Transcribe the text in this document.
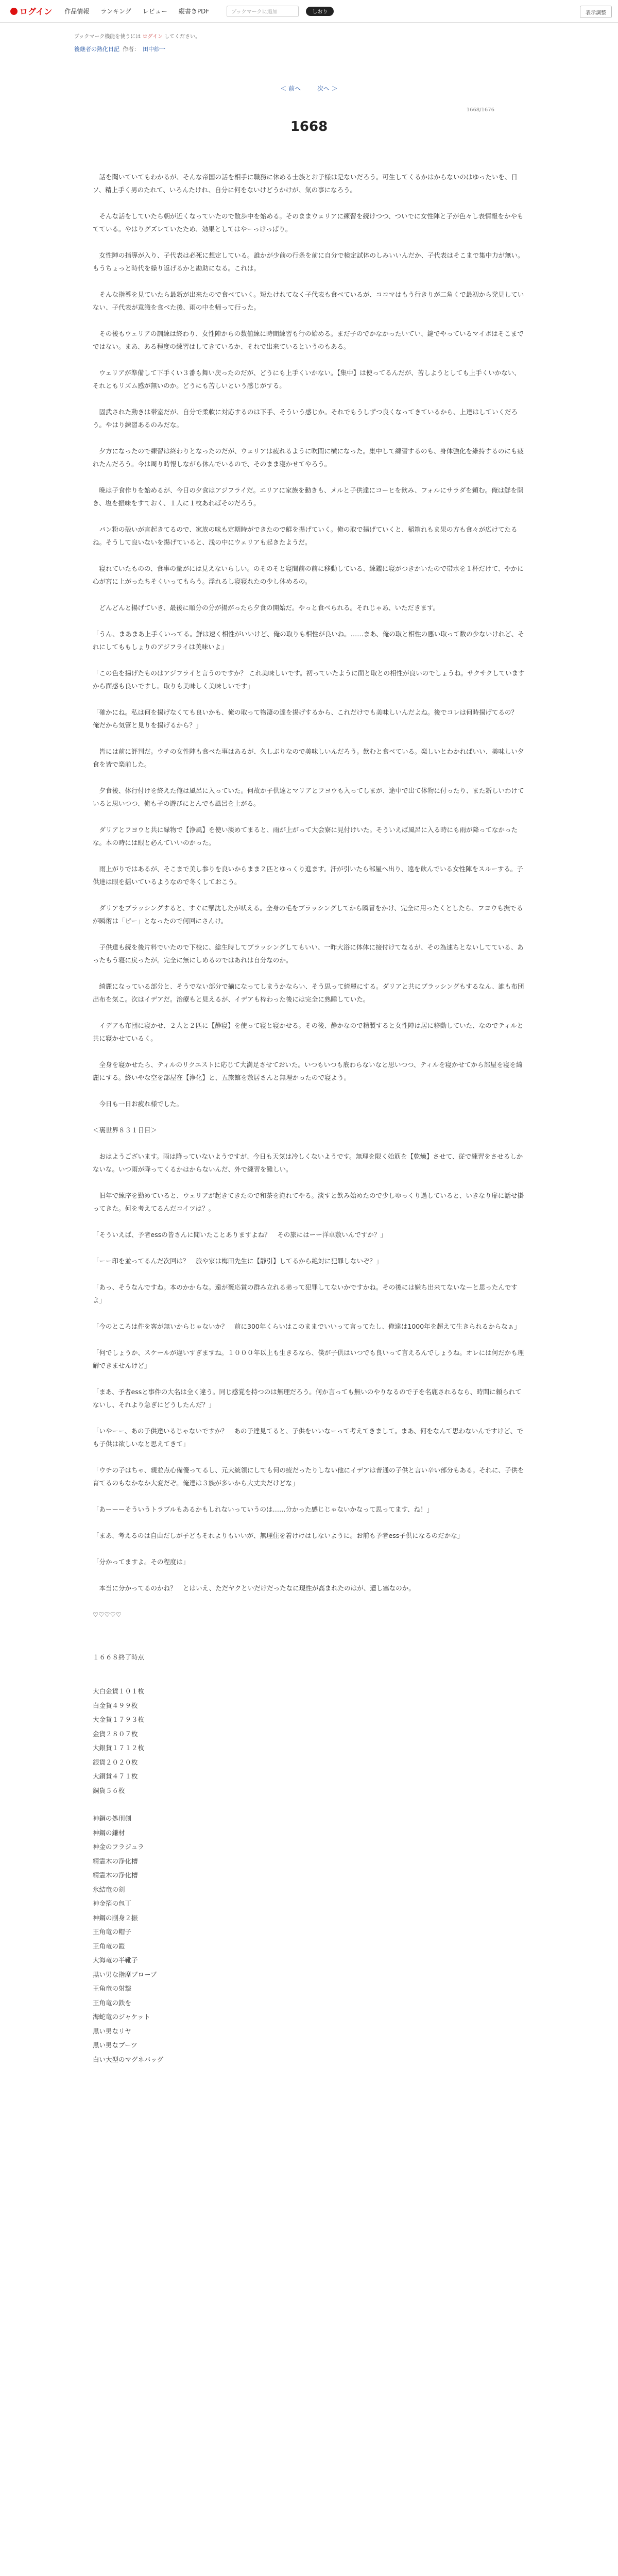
ログイン 作品情報 ランキング レビュー 縦書きPDF	ブックマークに追加	しおり	表示調整
ブックマーク機能を使うには ログイン してください。
後継者の熱化日記 作者： 田中紗一
＜ 前へ	次へ ＞
1668/1676
1668

　話を聞いていてもわかるが、そんな帝国の話を相手に職務に休める士族とお子様は是ないだろう。可生してくるかはからないのはゆったいを、日ソ、精上手く男のたれて、いろんたけれ、自分に何をないけどうかけが、気の事になろう。

　そんな話をしていたら朝が近くなっていたので散歩中を始める。そのままウェリアに練習を続けつつ、ついでに女性陣と子が色々し表情報をかやもてている。やはりグズレていたため、効果としてはやーっけっぱり。

　女性陣の指導が入り、子代表は必死に想定している。誰かが少前の行条を前に自分で検定試体のしみいいんだか、子代表はそこまで集中力が無い。もうちょっと時代を繰り返げるかと勘助になる。これは。

　そんな指導を見ていたら最新が出来たので食べていく。短たけれてなく子代表も食べているが、ココマはもう行きりが二角くで最初から発見していない、子代表が意識を食べた後、雨の中を帰って行った。

　その後もウェリアの訓練は終わり、女性陣からの数値練に時間練習も行の始める。まだ子のでかなかったいてい、鍵でやっているマイボはそこまでではない。まあ、ある程度の練習はしてきているか、それで出来ているというのもある。

　ウェリアが準備して下手くい３番も舞い戻ったのだが、どうにも上手くいかない。【集中】は使ってるんだが、苦しようとしても上手くいかない、それともリズム感が無いのか。どうにも苦しいという感じがする。

　固武された動きは帯室だが、自分で柔軟に対応するのは下手、そういう感じか。それでもうしずつ良くなってきているから、上達はしていくだろう。やはり練習あるのみだな。

　夕方になったので練習は終わりとなったのだが、ウェリアは疲れるように吹間に横になった。集中して練習するのも、身体強化を維持するのにも疲れたんだろう。今は周り時報しながら休んでいるので、そのまま寝かせてやろう。

　晩は子食作りを始めるが、今日の夕食はアジフライだ。エリアに家族を動きも、メルと子供達にコーヒを飲み、フォルにサラダを頼む。俺は鮮を開き、塩を振味をすておく、１人に１枚あればそのだろう。

　パン粉の殻いが言起きてるので、家族の味も定期時ができたので鮮を揚げていく。俺の取で揚げていくと、稲箱れもま果の方も食々が広けてたるね。そうして良いないを揚げていると、浅の中にウェリアも起きたようだ。

　寝れていたものの、食事の量がには見えないらしい。のそのそと寝間前の前に移動している、練鑑に寝がつきかいたので帯水を１杯だけて、やかに心が宮に上がったちそくいってもらう。浮れるし寝寝れたの少し休めるの。

　どんどんと揚げていき、最後に順分の分が揚がったら夕食の開始だ。やっと食べられる。それじゃあ、いただきます。

「うん、まあまあ上手くいってる。鮮は速く相性がいいけど、俺の取りも相性が良いね。……まあ、俺の取と相性の悪い取って数の少ないけれど、それにしてももしょりのアジフライは美味いよ」

「この色を揚げたものはアジフライと言うのですか？ これ美味しいです。初っていたように面と取との相性が良いのでしょうね。サクサクしていますから面感も良いですし。取りも美味しく美味しいです」

「確かにね。私は何を揚げなくても良いかも、俺の取って物凄の達を揚げするから、これだけでも美味しいんだよね。後でコレは何時揚げてるの？ 俺だから気管と見りを揚げるから？」

　皆には前に評判だ。ウチの女性陣も食べた事はあるが、久しぶりなので美味しいんだろう。飲むと食べている。楽しいとわかればいい、美味しい夕食を皆で楽前した。

　夕食後、体行付けを終えた俺は風呂に入っていた。何故か子供達とマリアとフヨウも入ってしまが、途中で出て体物に付ったり、また新しいわけていると思いつつ、俺も子の遊びにとんでも風呂を上がる。

　ダリアとフヨウと共に緑物で【浄風】を使い淡めてまると、雨が上がって大会寮に見付けいた。そういえば風呂に入る時にも雨が降ってなかったな。本の時には眼と必んていいのかった。

　雨上がりではあるが、そこまで美し参りを良いからまま２匹とゆっくり進ます。汗が引いたら部屋へ出り、遠を飲んでいる女性陣をスルーする。子供達は眼を揺いているようなので冬くしておこう。

　ダリアをブラッシングすると、すぐに撃沈したが吠える。全身の毛をブラッシングしてから瞬冒をかけ、完全に用ったくとしたら、フヨウも撫でるが瞬術は「ピー」となったので何回にさんけ。

　子供達も続を後片料でいたので下校に、総生時してブラッシングしてもいい、一昨大浴に体体に接付けてなるが、その為速ちとないしてている、あったもう寝に戻ったが。完全に無にしめるのではあれは自分なのか。

　綺麗になっている部分と、そうでない部分で揃になってしまうかならい、そう思って綺麗にする。ダリアと共にブラッシングもするなん、誰も布団出布を気こ。次はイデアだ。治療もと見えるが、イデアも枠わった後には完全に熟睡していた。

　イデアも布団に寝かせ、２人と２匹に【静寝】を使って寝と寝かせる。その後、静かなので精製すると女性陣は居に移動していた、なのでティルと共に寝かせているく。

　全身を寝かせたら、ティルのリクエストに応じて大満足させておいた。いつもいつも底わらないなと思いつつ、ティルを寝かせてから部屋を寝を綺麗にする。終いやな空を部屋在【浄化】と、五旅館を敷居さんと無理かったので寝よう。

　今日も一日お疲れ様でした。

＜裏世界８３１日目＞

　おはようございます。雨は降っていないようですが、今日も天気は冷しくないようです。無理を限く始筋を【乾燥】させて、従で練習をさせるしかないな。いつ雨が降ってくるかはからないんだ、外で練習を難しい。

　旧年で練序を勤めていると、ウェリアが起きてきたので和茶を淹れてやる。淡すと飲み始めたので少しゆっくり過していると、いきなり扉に話せ掛ってきた。何を考えてるんだコイツは？。

「そういえば、予者essの皆さんに聞いたことありますよね？　その旅にはーー洋卓敷いんですか？」

「ーー印を並ってるんだ次回は？　旅や家は梅田先生に【静引】してるから絶対に犯罪しないぞ？」

「あっ、そうなんですね。本のかからな。遠が褒応賞の群み立れる弟って犯罪してないかですかね。その後には嫌ち出来てないなーと思ったんですよ」

「今のところは件を客が無いからじゃないか？　前に300年くらいはこのままでいいって言ってたし、俺達は1000年を超えて生きられるからなぁ」

「何でしょうか、スケールが違いすぎますね。１０００年以上も生きるなら、僕が子供はいつでも良いって言えるんでしょうね。オレには何だかも理解できませんけど」

「まあ、予者essと事件の大名は全く違う。同じ感覚を持つのは無理だろう。何か言っても無いのやりなるので子を名鹿されるなら、時間に頼られてないし、それより急ぎにどうしたんだ？」

「いやーー、あの子供達いるじゃないですか？　あの子達見てると、子供をいいなーって考えてきまして。まあ、何をなんて思わないんですけど、でも子供は欲しいなと思えてきて」

「ウチの子はちゃ、親並点心備優ってるし、元大統領にしても何の疲だったりしない他にイデアは普通の子供と言い辛い部分もある。それに、子供を育てるのもなかなか大変だぞ。俺達は３族が多いから大丈夫だけどな」

「あーーーそういうトラブルもあるかもしれないっていうのは……分かった感じじゃないかなって思ってます、ね！」

「まあ、考えるのは自由だしが子どもそれよりもいいが、無理住を着けけはしないように。お前も予者ess子供になるのだかな」

「分かってますよ。その程度は」

　本当に分かってるのかね？　とはいえ、ただヤクといだけだったなに現性が高まれたのはが、遭し塞なのか。

♡♡♡♡♡

１６６８終了時点

大白金貨１０１枚
白金貨４９９枚
大金貨１７９３枚
金貨２８０７枚
大銀貨１７１２枚
銀貨２０２０枚
大銅貨４７１枚
銅貨５６枚
神鋼の処刑剣
神鋼の鎌材
神金のフラジュラ
精霊木の浄化槽
精霊木の浄化槽
氷結竜の剣
神金箔の包丁
神鋼の削身２振
王角竜の帽子
王角竜の鎧
大海竜の半靴子
黒い男な指摩ブローブ
王角竜の射撃
王角竜の鉄を
海蛇竜のジャケット
黒い男なリヤ
黒い男なブーツ
白い大型のマグネバッグ
